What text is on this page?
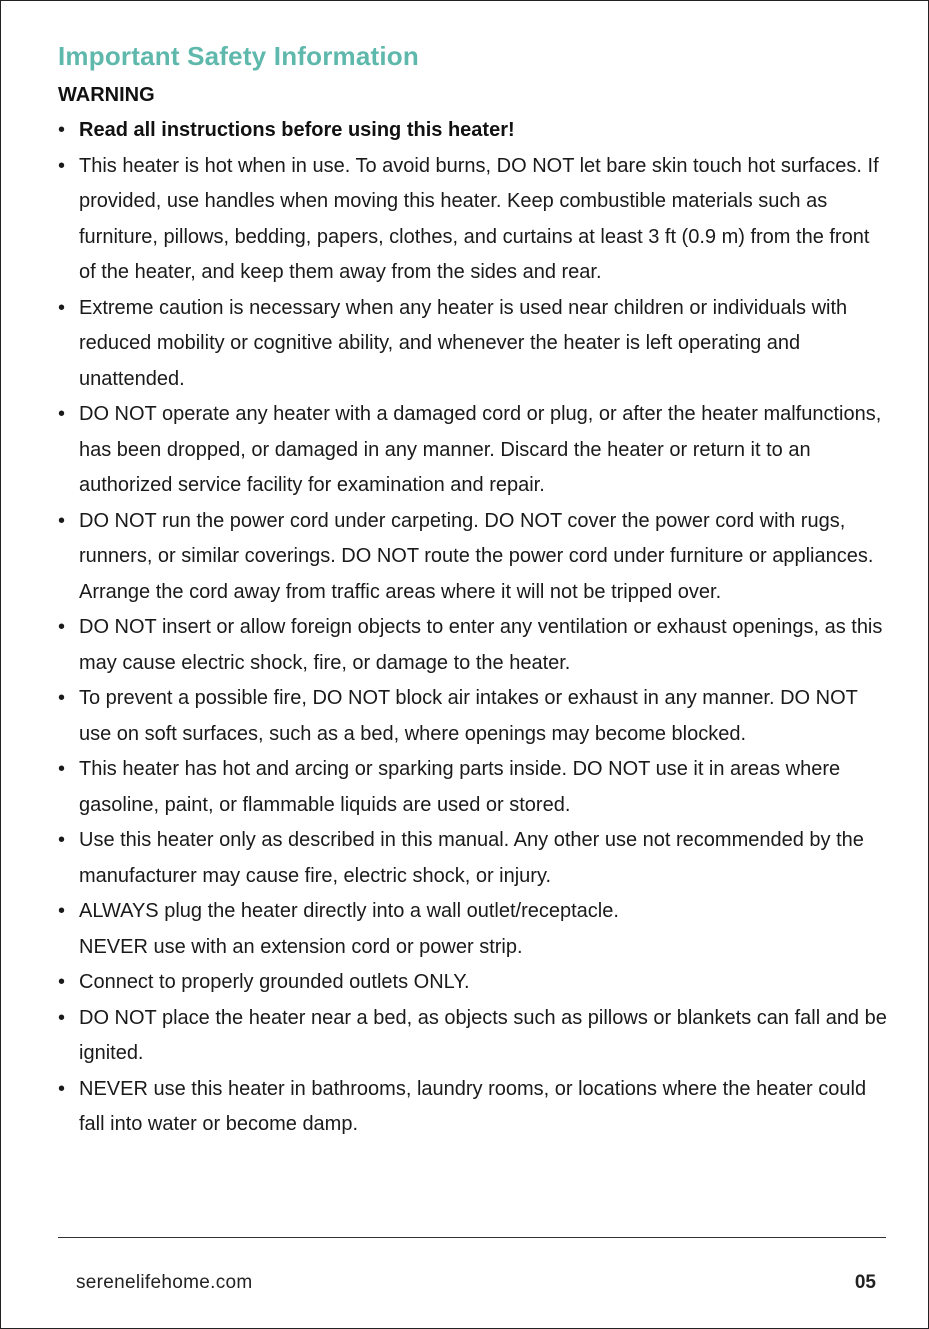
Important Safety Information
WARNING
• Read all instructions before using this heater!
• This heater is hot when in use. To avoid burns, DO NOT let bare skin touch hot surfaces. If provided, use handles when moving this heater. Keep combustible materials such as furniture, pillows, bedding, papers, clothes, and curtains at least 3 ft (0.9 m) from the front of the heater, and keep them away from the sides and rear.
• Extreme caution is necessary when any heater is used near children or individuals with reduced mobility or cognitive ability, and whenever the heater is left operating and unattended.
• DO NOT operate any heater with a damaged cord or plug, or after the heater malfunctions, has been dropped, or damaged in any manner. Discard the heater or return it to an authorized service facility for examination and repair.
• DO NOT run the power cord under carpeting. DO NOT cover the power cord with rugs, runners, or similar coverings. DO NOT route the power cord under furniture or appliances. Arrange the cord away from traffic areas where it will not be tripped over.
• DO NOT insert or allow foreign objects to enter any ventilation or exhaust openings, as this may cause electric shock, fire, or damage to the heater.
• To prevent a possible fire, DO NOT block air intakes or exhaust in any manner. DO NOT use on soft surfaces, such as a bed, where openings may become blocked.
• This heater has hot and arcing or sparking parts inside. DO NOT use it in areas where gasoline, paint, or flammable liquids are used or stored.
• Use this heater only as described in this manual. Any other use not recommended by the manufacturer may cause fire, electric shock, or injury.
• ALWAYS plug the heater directly into a wall outlet/receptacle.
NEVER use with an extension cord or power strip.
• Connect to properly grounded outlets ONLY.
• DO NOT place the heater near a bed, as objects such as pillows or blankets can fall and be ignited.
• NEVER use this heater in bathrooms, laundry rooms, or locations where the heater could fall into water or become damp.
serenelifehome.com	05
